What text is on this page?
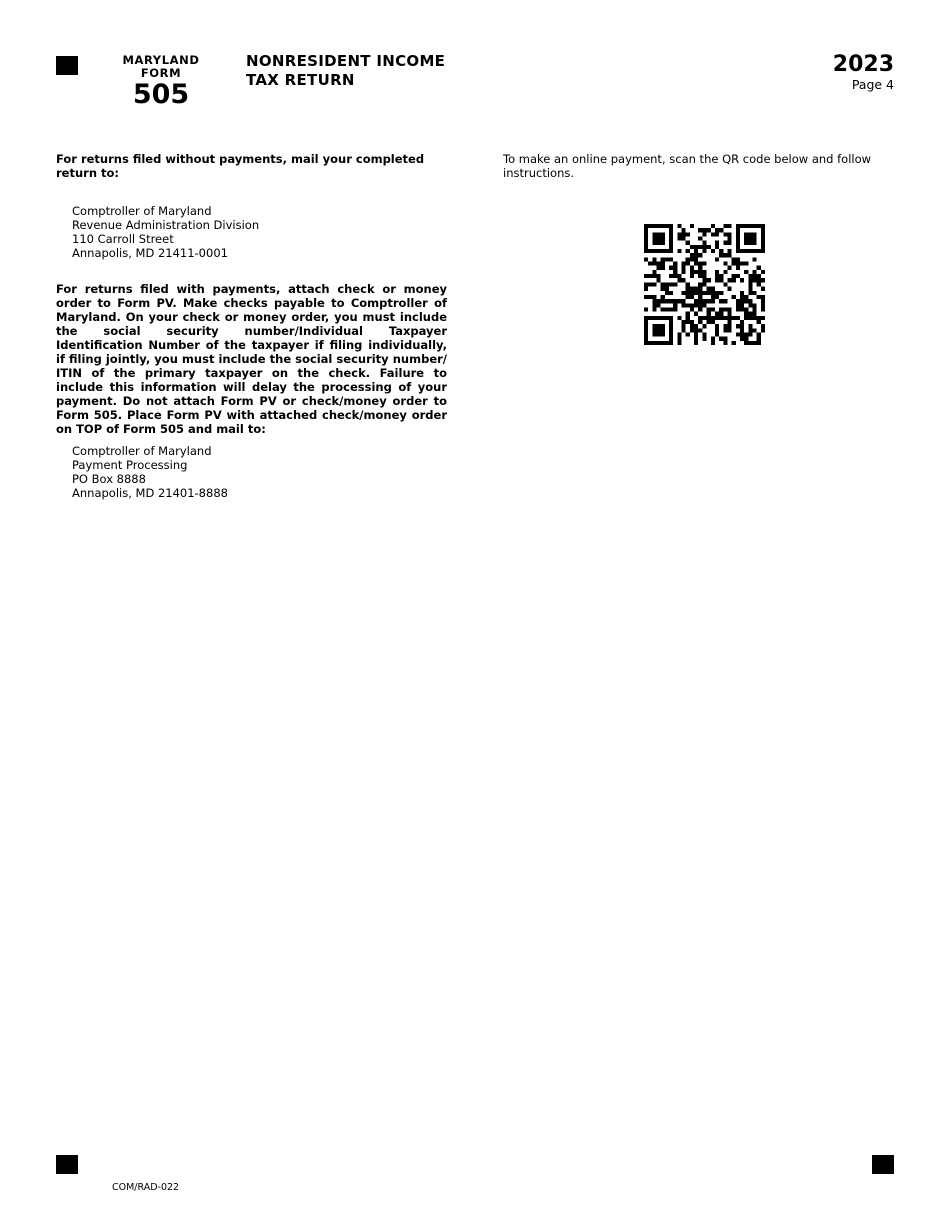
MARYLAND
FORM
505
NONRESIDENT INCOME
TAX RETURN
2023
Page 4

For returns filed without payments, mail your completed return to:

Comptroller of Maryland
Revenue Administration Division
110 Carroll Street
Annapolis, MD 21411-0001

For returns filed with payments, attach check or money order to Form PV. Make checks payable to Comptroller of Maryland. On your check or money order, you must include the social security number/Individual Taxpayer Identification Number of the taxpayer if filing individually, if filing jointly, you must include the social security number/ ITIN of the primary taxpayer on the check. Failure to include this information will delay the processing of your payment. Do not attach Form PV or check/money order to Form 505. Place Form PV with attached check/money order on TOP of Form 505 and mail to:

Comptroller of Maryland
Payment Processing
PO Box 8888
Annapolis, MD 21401-8888

To make an online payment, scan the QR code below and follow instructions.

COM/RAD-022
